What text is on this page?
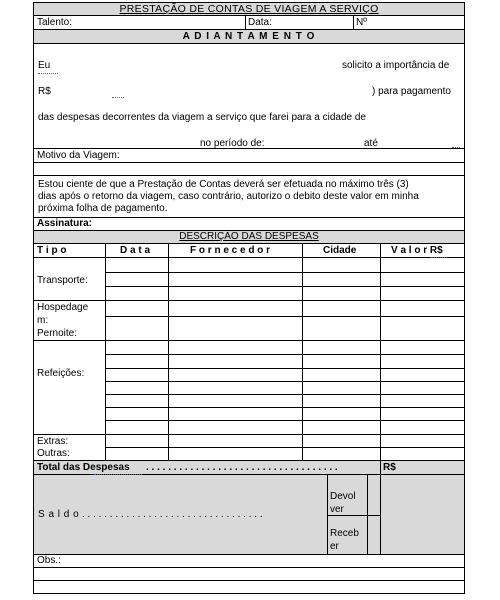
PRESTAÇÃO DE CONTAS DE VIAGEM A SERVIÇO
Talento:	Data:	Nº
A D I A N T A M E N T O
Eu	solicito a importância de
R$	) para pagamento
das despesas decorrentes da viagem a serviço que farei para a cidade de
no período de:	até
Motivo da Viagem:
Estou ciente de que a Prestação de Contas deverá ser efetuada no máximo três (3)
dias após o retorno da viagem, caso contrário, autorizo o debito deste valor em minha
próxima folha de pagamento.
Assinatura:
DESCRIÇÃO DAS DESPESAS
T i p o	D a t a	F o r n e c e d o r	Cidade	V a l o r R$
Transporte:
Hospedage
m:
Pernoite:
Refeições:
Extras:
Outras:
Total das Despesas . . . . . . . . . . . . . . . . . . . . . . . . . . . . . . . . . . .	R$
S a l d o . . . . . . . . . . . . . . . . . . . . . . . . . . . . . . . . .
Devol
ver
Receb
er
Obs.:
